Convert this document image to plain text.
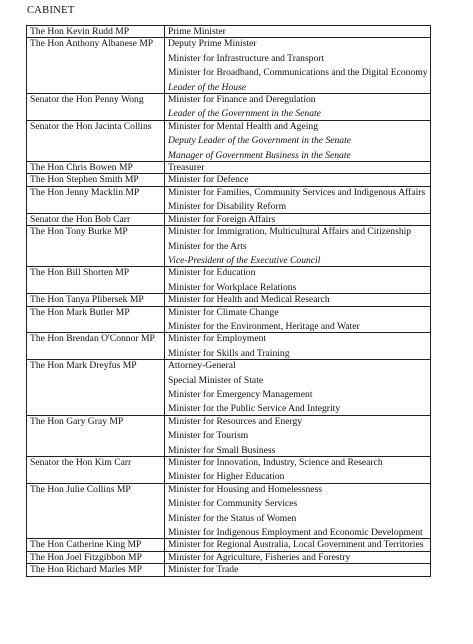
CABINET
The Hon Kevin Rudd MP	Prime Minister

The Hon Anthony Albanese MP	Deputy Prime Minister
Minister for Infrastructure and Transport
Minister for Broadband, Communications and the Digital Economy
Leader of the House

Senator the Hon Penny Wong	Minister for Finance and Deregulation
Leader of the Government in the Senate

Senator the Hon Jacinta Collins	Minister for Mental Health and Ageing
Deputy Leader of the Government in the Senate
Manager of Government Business in the Senate

The Hon Chris Bowen MP	Treasurer

The Hon Stephen Smith MP	Minister for Defence

The Hon Jenny Macklin MP	Minister for Families, Community Services and Indigenous Affairs
Minister for Disability Reform

Senator the Hon Bob Carr	Minister for Foreign Affairs

The Hon Tony Burke MP	Minister for Immigration, Multicultural Affairs and Citizenship
Minister for the Arts
Vice-President of the Executive Council

The Hon Bill Shorten MP	Minister for Education
Minister for Workplace Relations

The Hon Tanya Plibersek MP	Minister for Health and Medical Research

The Hon Mark Butler MP	Minister for Climate Change
Minister for the Environment, Heritage and Water

The Hon Brendan O'Connor MP	Minister for Employment
Minister for Skills and Training

The Hon Mark Dreyfus MP	Attorney-General
Special Minister of State
Minister for Emergency Management
Minister for the Public Service And Integrity

The Hon Gary Gray MP	Minister for Resources and Energy
Minister for Tourism
Minister for Small Business

Senator the Hon Kim Carr	Minister for Innovation, Industry, Science and Research
Minister for Higher Education

The Hon Julie Collins MP	Minister for Housing and Homelessness
Minister for Community Services
Minister for the Status of Women
Minister for Indigenous Employment and Economic Development

The Hon Catherine King MP	Minister for Regional Australia, Local Government and Territories

The Hon Joel Fitzgibbon MP	Minister for Agriculture, Fisheries and Forestry

The Hon Richard Marles MP	Minister for Trade
